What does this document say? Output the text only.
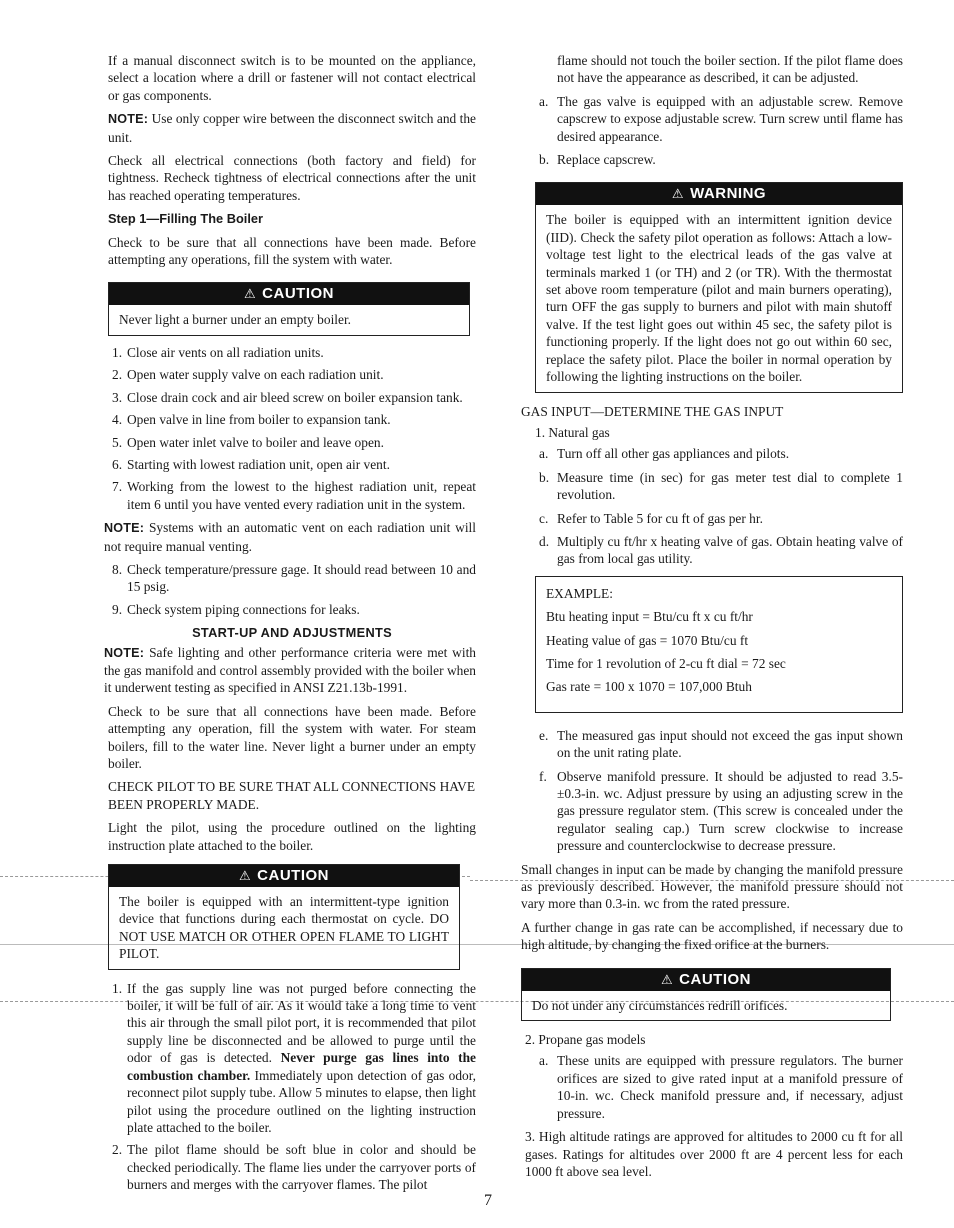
If a manual disconnect switch is to be mounted on the appliance, select a location where a drill or fastener will not contact electrical or gas components.

NOTE: Use only copper wire between the disconnect switch and the unit.

Check all electrical connections (both factory and field) for tightness. Recheck tightness of electrical connections after the unit has reached operating temperatures.

Step 1—Filling The Boiler

Check to be sure that all connections have been made. Before attempting any operations, fill the system with water.

⚠ CAUTION
Never light a burner under an empty boiler.
1. Close air vents on all radiation units.
2. Open water supply valve on each radiation unit.
3. Close drain cock and air bleed screw on boiler expansion tank.
4. Open valve in line from boiler to expansion tank.
5. Open water inlet valve to boiler and leave open.
6. Starting with lowest radiation unit, open air vent.
7. Working from the lowest to the highest radiation unit, repeat item 6 until you have vented every radiation unit in the system.

NOTE: Systems with an automatic vent on each radiation unit will not require manual venting.

8. Check temperature/pressure gage. It should read between 10 and 15 psig.
9. Check system piping connections for leaks.
START-UP AND ADJUSTMENTS

NOTE: Safe lighting and other performance criteria were met with the gas manifold and control assembly provided with the boiler when it underwent testing as specified in ANSI Z21.13b-1991.

Check to be sure that all connections have been made. Before attempting any operation, fill the system with water. For steam boilers, fill to the water line. Never light a burner under an empty boiler.

CHECK PILOT TO BE SURE THAT ALL CONNECTIONS HAVE BEEN PROPERLY MADE.

Light the pilot, using the procedure outlined on the lighting instruction plate attached to the boiler.

⚠ CAUTION
The boiler is equipped with an intermittent-type ignition device that functions during each thermostat on cycle. DO NOT USE MATCH OR OTHER OPEN FLAME TO LIGHT PILOT.
1. If the gas supply line was not purged before connecting the boiler, it will be full of air. As it would take a long time to vent this air through the small pilot port, it is recommended that pilot supply line be disconnected and be allowed to purge until the odor of gas is detected. Never purge gas lines into the combustion chamber. Immediately upon detection of gas odor, reconnect pilot supply tube. Allow 5 minutes to elapse, then light pilot using the procedure outlined on the lighting instruction plate attached to the boiler.
2. The pilot flame should be soft blue in color and should be checked periodically. The flame lies under the carryover ports of burners and merges with the carryover flames. The pilot

flame should not touch the boiler section. If the pilot flame does not have the appearance as described, it can be adjusted.

a. The gas valve is equipped with an adjustable screw. Remove capscrew to expose adjustable screw. Turn screw until flame has desired appearance.

b. Replace capscrew.

⚠ WARNING
The boiler is equipped with an intermittent ignition device (IID). Check the safety pilot operation as follows: Attach a low-voltage test light to the electrical leads of the gas valve at terminals marked 1 (or TH) and 2 (or TR). With the thermostat set above room temperature (pilot and main burners operating), turn OFF the gas supply to burners and pilot with main shutoff valve. If the test light goes out within 45 sec, the safety pilot is functioning properly. If the light does not go out within 60 sec, replace the safety pilot. Place the boiler in normal operation by following the lighting instructions on the boiler.

GAS INPUT—DETERMINE THE GAS INPUT

1. Natural gas

a. Turn off all other gas appliances and pilots.

b. Measure time (in sec) for gas meter test dial to complete 1 revolution.

c. Refer to Table 5 for cu ft of gas per hr.

d. Multiply cu ft/hr x heating valve of gas. Obtain heating valve of gas from local gas utility.

EXAMPLE:

Btu heating input = Btu/cu ft x cu ft/hr

Heating value of gas = 1070 Btu/cu ft

Time for 1 revolution of 2-cu ft dial = 72 sec

Gas rate = 100 x 1070 = 107,000 Btuh

e. The measured gas input should not exceed the gas input shown on the unit rating plate.

f. Observe manifold pressure. It should be adjusted to read 3.5- ±0.3-in. wc. Adjust pressure by using an adjusting screw in the gas pressure regulator stem. (This screw is concealed under the regulator sealing cap.) Turn screw clockwise to increase pressure and counterclockwise to decrease pressure.

Small changes in input can be made by changing the manifold pressure as previously described. However, the manifold pressure should not vary more than 0.3-in. wc from the rated pressure.

A further change in gas rate can be accomplished, if necessary due to high altitude, by changing the fixed orifice at the burners.

⚠ CAUTION
Do not under any circumstances redrill orifices.

2. Propane gas models

a. These units are equipped with pressure regulators. The burner orifices are sized to give rated input at a manifold pressure of 10-in. wc. Check manifold pressure and, if necessary, adjust pressure.

3. High altitude ratings are approved for altitudes to 2000 cu ft for all gases. Ratings for altitudes over 2000 ft are 4 percent less for each 1000 ft above sea level.

7
